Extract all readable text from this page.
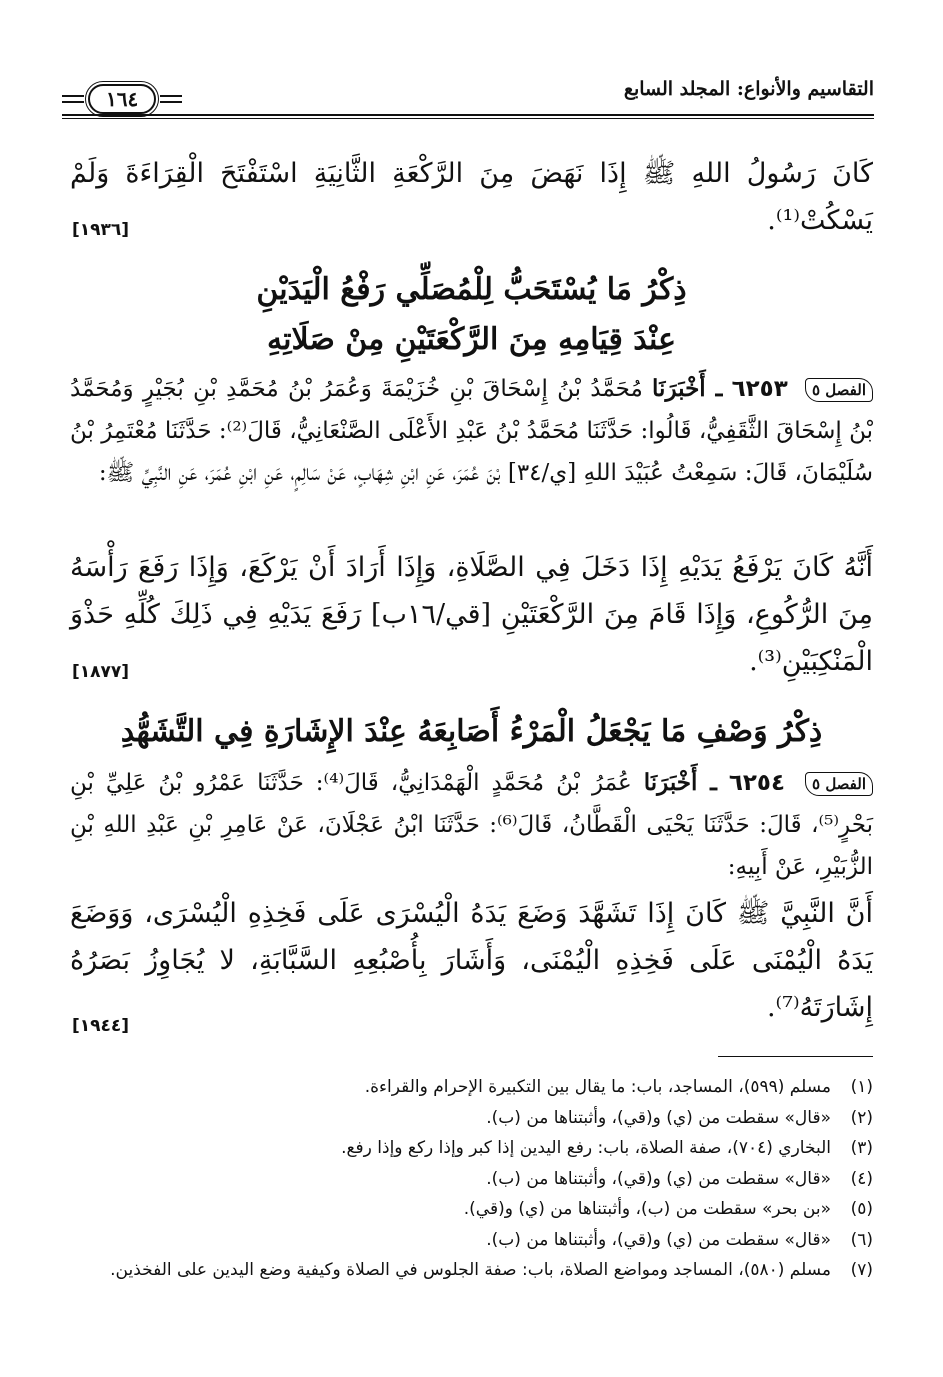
التقاسيم والأنواع: المجلد السابع
١٦٤
كَانَ رَسُولُ اللهِ ﷺ إِذَا نَهَضَ مِنَ الرَّكْعَةِ الثَّانِيَةِ اسْتَفْتَحَ الْقِرَاءَةَ وَلَمْ يَسْكُتْ⁽¹⁾.
[١٩٣٦]
ذِكْرُ مَا يُسْتَحَبُّ لِلْمُصَلِّي رَفْعُ الْيَدَيْنِ
عِنْدَ قِيَامِهِ مِنَ الرَّكْعَتَيْنِ مِنْ صَلَاتِهِ
الفصل ٥ ٦٢٥٣ ـ أَخْبَرَنَا مُحَمَّدُ بْنُ إِسْحَاقَ بْنِ خُزَيْمَةَ وَعُمَرُ بْنُ مُحَمَّدِ بْنِ بُجَيْرٍ وَمُحَمَّدُ بْنُ إِسْحَاقَ الثَّقَفِيُّ، قَالُوا: حَدَّثَنَا مُحَمَّدُ بْنُ عَبْدِ الأَعْلَى الصَّنْعَانِيُّ، قَالَ⁽²⁾: حَدَّثَنَا مُعْتَمِرُ بْنُ سُلَيْمَانَ، قَالَ: سَمِعْتُ عُبَيْدَ اللهِ [ي/٣٤] بْنَ عُمَرَ، عَنِ ابْنِ شِهَابٍ، عَنْ سَالِمٍ، عَنِ ابْنِ عُمَرَ، عَنِ النَّبِيِّ ﷺ:
أَنَّهُ كَانَ يَرْفَعُ يَدَيْهِ إِذَا دَخَلَ فِي الصَّلَاةِ، وَإِذَا أَرَادَ أَنْ يَرْكَعَ، وَإِذَا رَفَعَ رَأْسَهُ مِنَ الرُّكُوعِ، وَإِذَا قَامَ مِنَ الرَّكْعَتَيْنِ [قي/١٦ب] رَفَعَ يَدَيْهِ فِي ذَلِكَ كُلِّهِ حَذْوَ الْمَنْكِبَيْنِ⁽³⁾.
[١٨٧٧]
ذِكْرُ وَصْفِ مَا يَجْعَلُ الْمَرْءُ أَصَابِعَهُ عِنْدَ الإِشَارَةِ فِي التَّشَهُّدِ
الفصل ٥ ٦٢٥٤ ـ أَخْبَرَنَا عُمَرُ بْنُ مُحَمَّدٍ الْهَمْدَانِيُّ، قَالَ⁽⁴⁾: حَدَّثَنَا عَمْرُو بْنُ عَلِيِّ بْنِ بَحْرٍ⁽⁵⁾، قَالَ: حَدَّثَنَا يَحْيَى الْقَطَّانُ، قَالَ⁽⁶⁾: حَدَّثَنَا ابْنُ عَجْلَانَ، عَنْ عَامِرِ بْنِ عَبْدِ اللهِ بْنِ الزُّبَيْرِ، عَنْ أَبِيهِ:
أَنَّ النَّبِيَّ ﷺ كَانَ إِذَا تَشَهَّدَ وَضَعَ يَدَهُ الْيُسْرَى عَلَى فَخِذِهِ الْيُسْرَى، وَوَضَعَ يَدَهُ الْيُمْنَى عَلَى فَخِذِهِ الْيُمْنَى، وَأَشَارَ بِأُصْبُعِهِ السَّبَّابَةِ، لا يُجَاوِزُ بَصَرُهُ إِشَارَتَهُ⁽⁷⁾.
[١٩٤٤]
(١)
مسلم (٥٩٩)، المساجد، باب: ما يقال بين التكبيرة الإحرام والقراءة.
(٢)
«قال» سقطت من (ي) و(قي)، وأثبتناها من (ب).
(٣)
البخاري (٧٠٤)، صفة الصلاة، باب: رفع اليدين إذا كبر وإذا ركع وإذا رفع.
(٤)
«قال» سقطت من (ي) و(قي)، وأثبتناها من (ب).
(٥)
«بن بحر» سقطت من (ب)، وأثبتناها من (ي) و(قي).
(٦)
«قال» سقطت من (ي) و(قي)، وأثبتناها من (ب).
(٧)
مسلم (٥٨٠)، المساجد ومواضع الصلاة، باب: صفة الجلوس في الصلاة وكيفية وضع اليدين على الفخذين.
